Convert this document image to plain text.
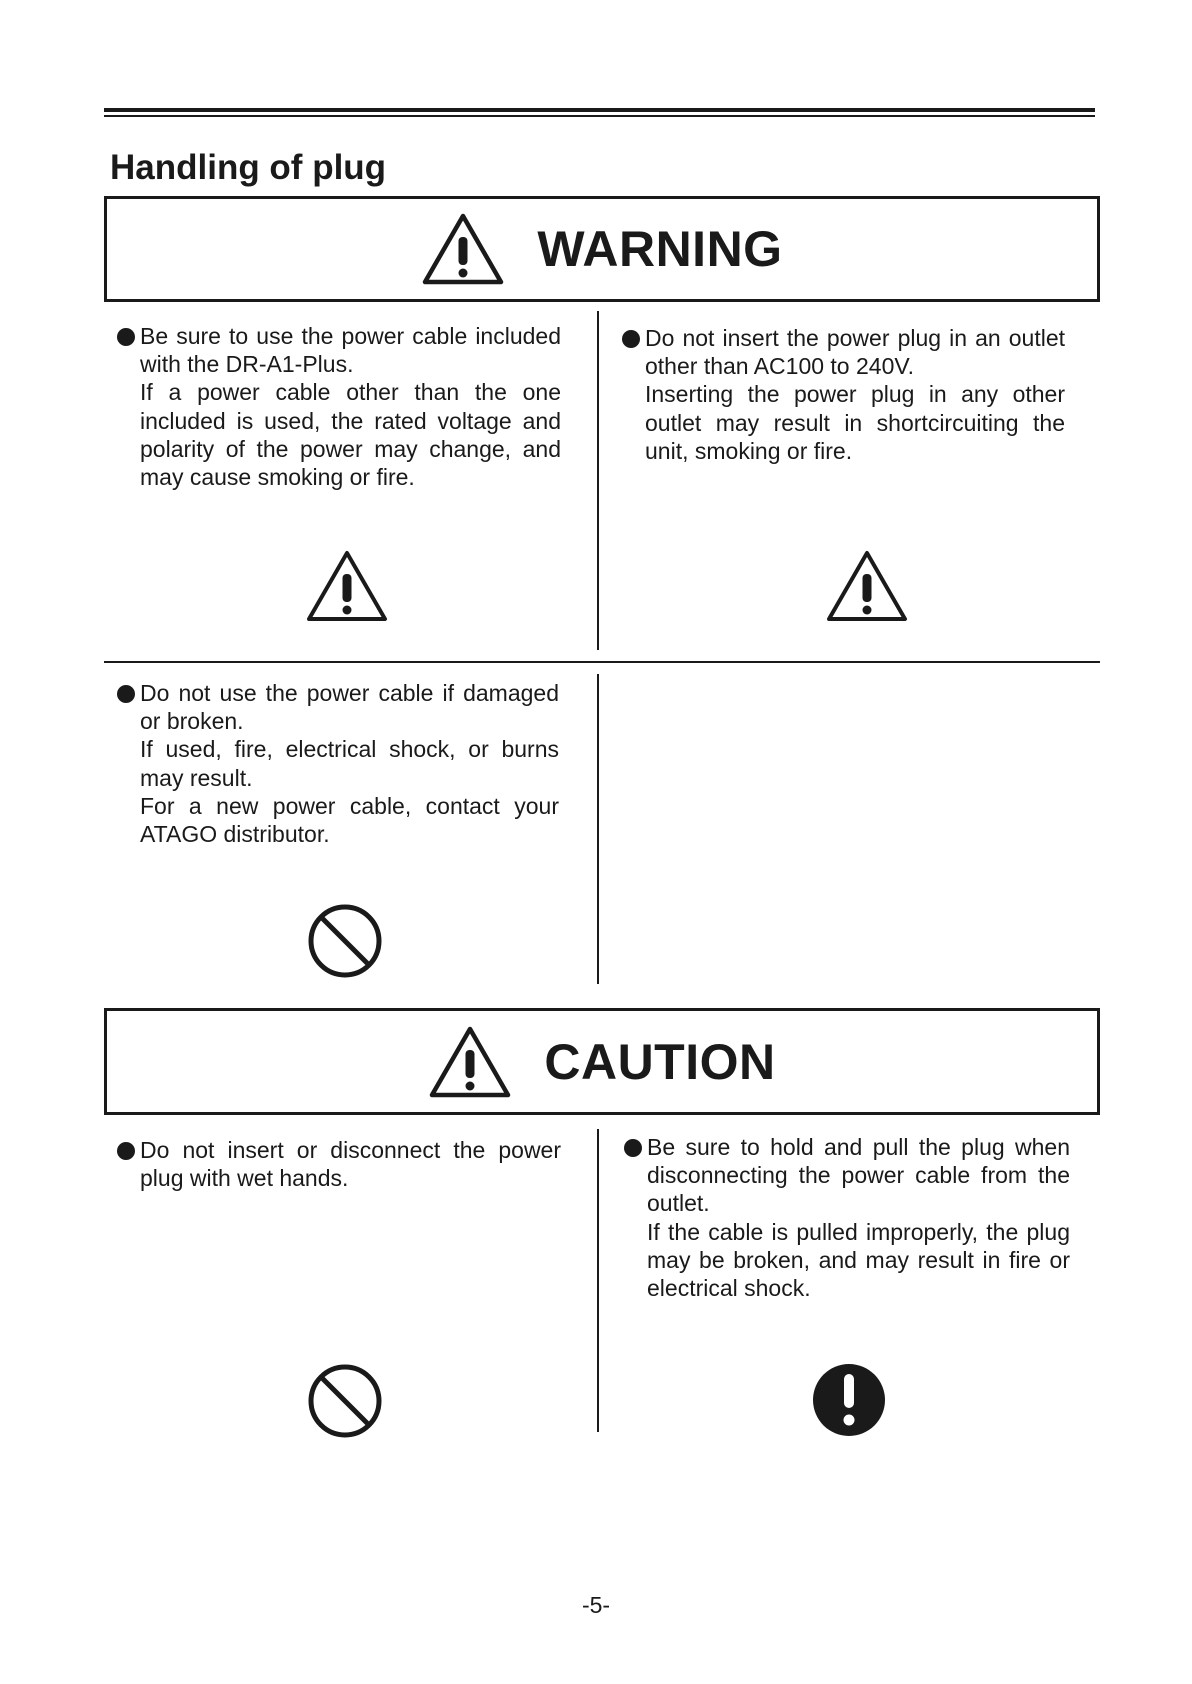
Handling of plug
WARNING
Be sure to use the power cable included with the DR-A1-Plus.
If a power cable other than the one included is used, the rated voltage and polarity of the power may change, and may cause smoking or fire.
Do not insert the power plug in an outlet other than AC100 to 240V.
Inserting the power plug in any other outlet may result in shortcircuiting the unit, smoking or fire.
Do not use the power cable if damaged or broken.
If used, fire, electrical shock, or burns may result.
For a new power cable, contact your ATAGO distributor.
CAUTION
Do not insert or disconnect the power plug with wet hands.
Be sure to hold and pull the plug when disconnecting the power cable from the outlet.
If the cable is pulled improperly, the plug may be broken, and may result in fire or electrical shock.
-5-
